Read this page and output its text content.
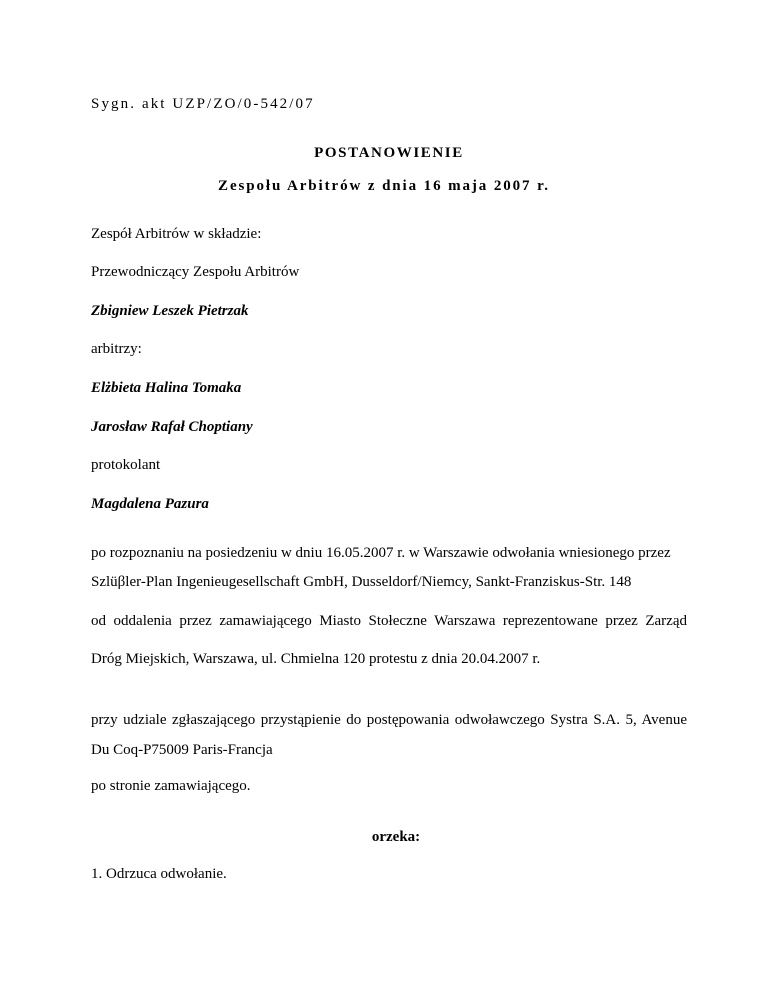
Sygn. akt UZP/ZO/0-542/07
POSTANOWIENIE
Zespołu Arbitrów z dnia 16 maja 2007 r.
Zespół Arbitrów w składzie:
Przewodniczący Zespołu Arbitrów
Zbigniew Leszek Pietrzak
arbitrzy:
Elżbieta Halina Tomaka
Jarosław Rafał Choptiany
protokolant
Magdalena Pazura
po rozpoznaniu na posiedzeniu w dniu 16.05.2007 r. w Warszawie odwołania wniesionego przez
Szlüβler-Plan Ingenieugesellschaft GmbH, Dusseldorf/Niemcy, Sankt-Franziskus-Str. 148
od oddalenia przez zamawiającego Miasto Stołeczne Warszawa reprezentowane przez Zarząd
Dróg Miejskich, Warszawa, ul. Chmielna 120 protestu z dnia 20.04.2007 r.
przy udziale zgłaszającego przystąpienie do postępowania odwoławczego Systra S.A. 5, Avenue
Du Coq-P75009 Paris-Francja
po stronie zamawiającego.
orzeka:
1. Odrzuca odwołanie.
